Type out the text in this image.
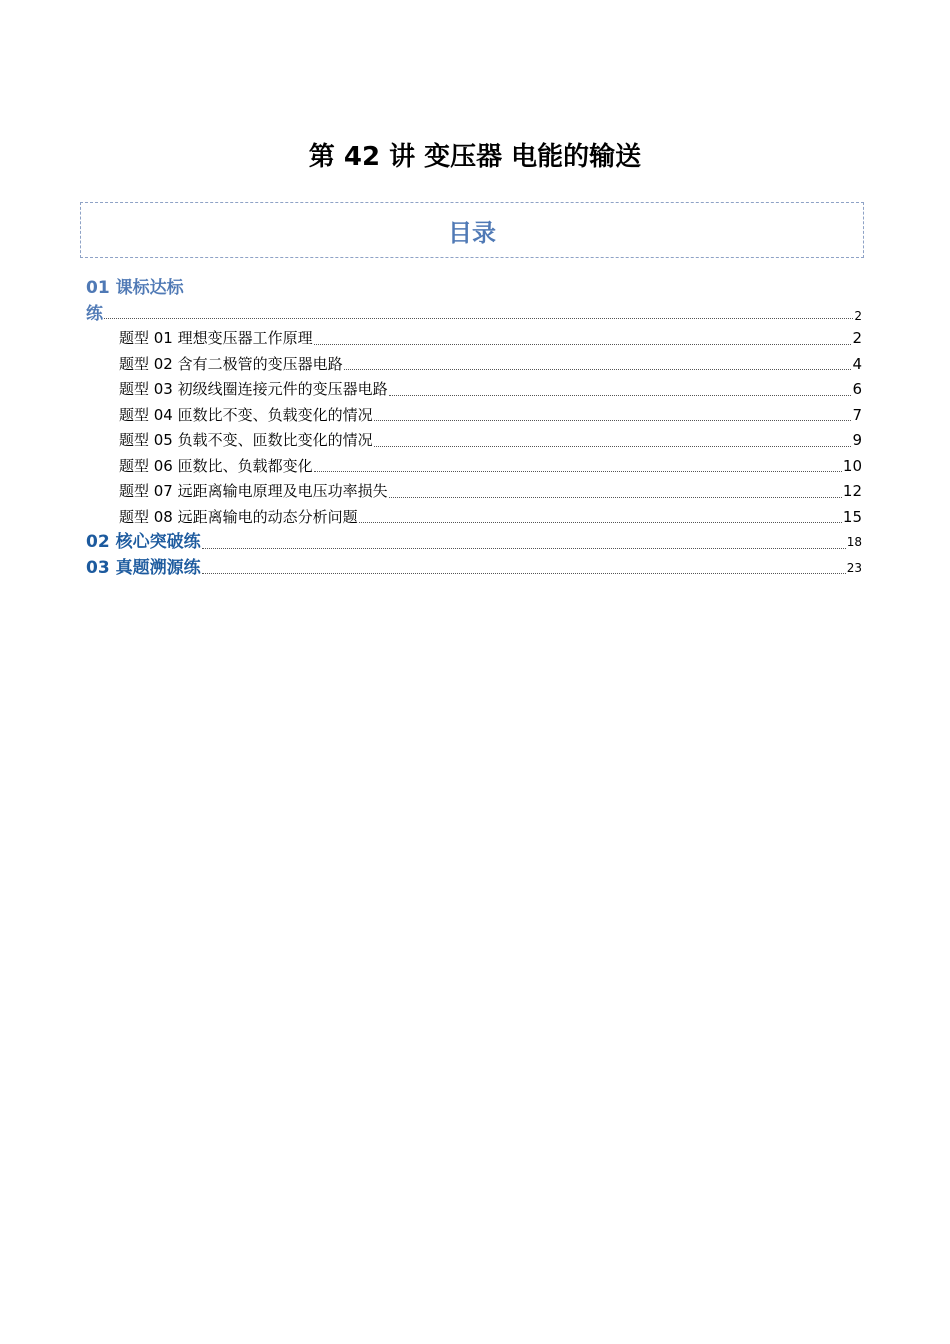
第 42 讲 变压器 电能的输送
目录
01 课标达标
练	2
题型 01 理想变压器工作原理	2
题型 02 含有二极管的变压器电路	4
题型 03 初级线圈连接元件的变压器电路	6
题型 04 匝数比不变、负载变化的情况	7
题型 05 负载不变、匝数比变化的情况	9
题型 06 匝数比、负载都变化	10
题型 07 远距离输电原理及电压功率损失	12
题型 08 远距离输电的动态分析问题	15
02 核心突破练	18
03 真题溯源练	23
